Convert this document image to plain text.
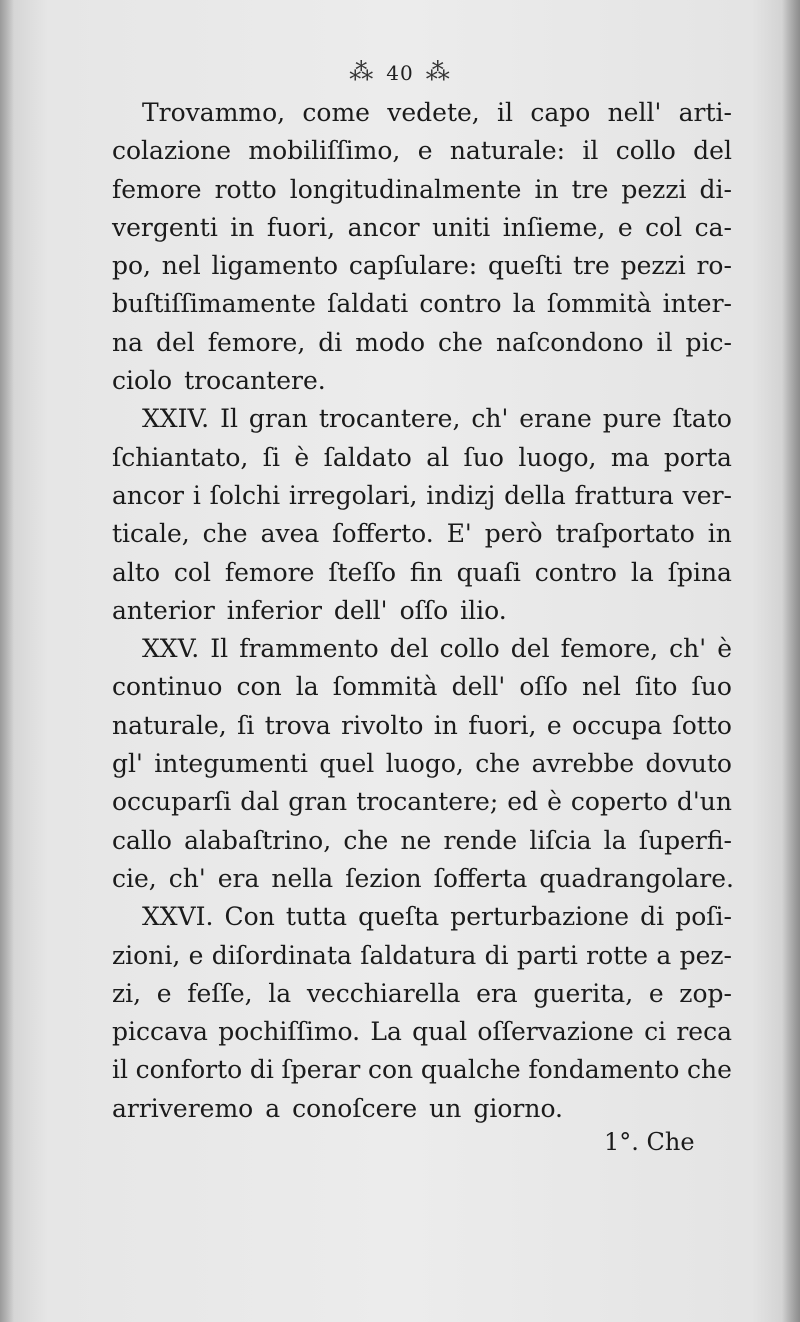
⁂ 40 ⁂
Trovammo, come vedete, il capo nell' arti-
colazione mobiliſſimo, e naturale: il collo del
femore rotto longitudinalmente in tre pezzi di-
vergenti in fuori, ancor uniti inſieme, e col ca-
po, nel ligamento capſulare: queſti tre pezzi ro-
buſtiſſimamente ſaldati contro la ſommità inter-
na del femore, di modo che naſcondono il pic-
ciolo trocantere.
XXIV. Il gran trocantere, ch' erane pure ſtato
ſchiantato, ſi è ſaldato al ſuo luogo, ma porta
ancor i ſolchi irregolari, indizj della frattura ver-
ticale, che avea ſofferto. E' però traſportato in
alto col femore ſteſſo fin quaſi contro la ſpina
anterior inferior dell' oſſo ilio.
XXV. Il frammento del collo del femore, ch' è
continuo con la ſommità dell' oſſo nel ſito ſuo
naturale, ſi trova rivolto in fuori, e occupa ſotto
gl' integumenti quel luogo, che avrebbe dovuto
occuparſi dal gran trocantere; ed è coperto d'un
callo alabaſtrino, che ne rende liſcia la ſuperfi-
cie, ch' era nella ſezion ſofferta quadrangolare.
XXVI. Con tutta queſta perturbazione di poſi-
zioni, e diſordinata ſaldatura di parti rotte a pez-
zi, e feſſe, la vecchiarella era guerita, e zop-
piccava pochiſſimo. La qual oſſervazione ci reca
il conforto di ſperar con qualche fondamento che
arriveremo a conoſcere un giorno.
1°. Che
